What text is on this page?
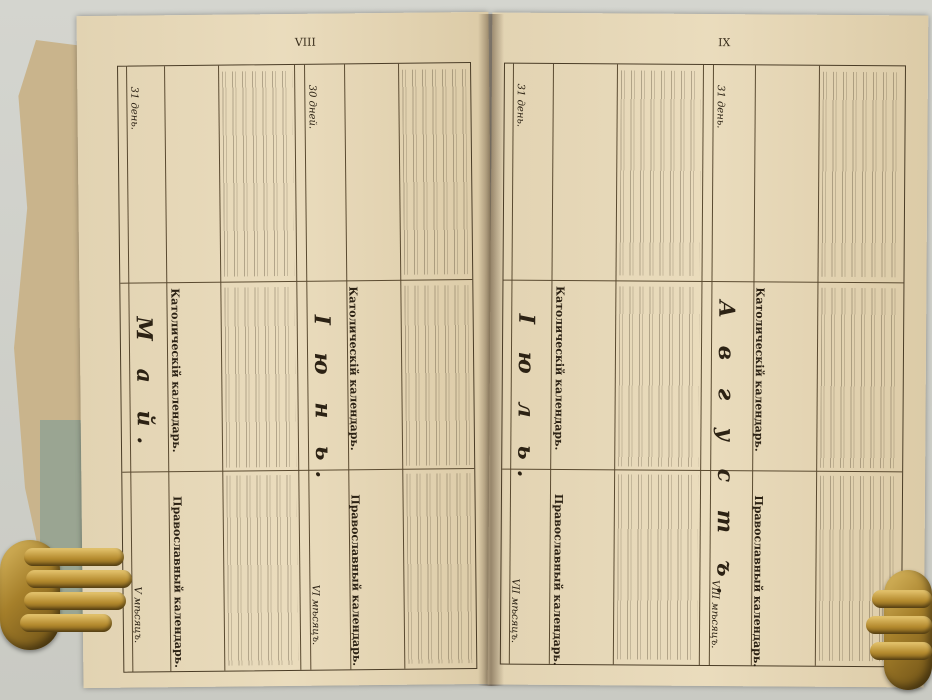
VIII
V мѣсяцъ.
М а й.
31 день.
Православный календарь.
Католическій календарь.
VI мѣсяцъ.
І ю н ь.
30 дней.
Православный календарь.
Католическій календарь.
IX
VII мѣсяцъ.
І ю л ь.
31 день.
Православный календарь.
Католическій календарь.
VIII мѣсяцъ.
А в г у с т ъ.
31 день.
Православный календарь.
Католическій календарь.
